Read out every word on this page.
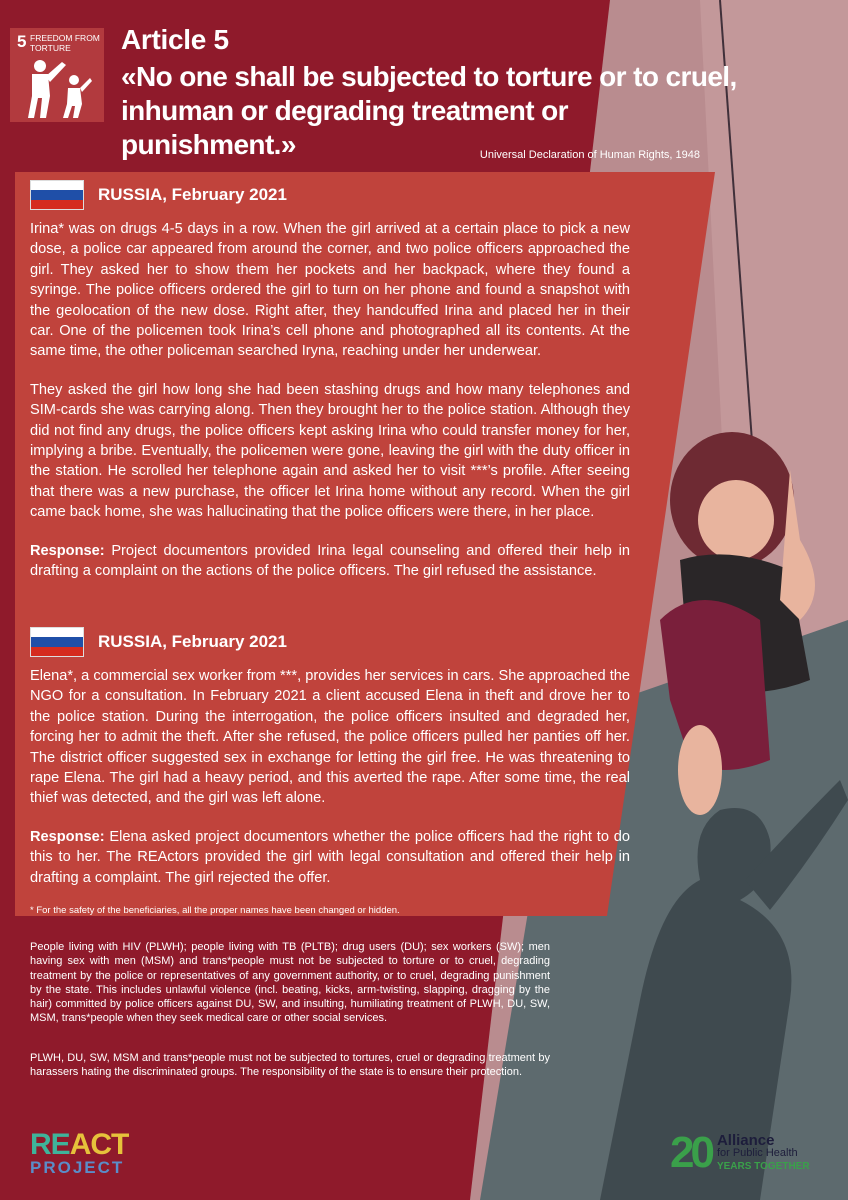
5 FREEDOM FROM TORTURE	Article 5
«No one shall be subjected to torture or to cruel, inhuman or degrading treatment or punishment.»	Universal Declaration of Human Rights, 1948
RUSSIA, February 2021

Irina* was on drugs 4-5 days in a row. When the girl arrived at a certain place to pick a new dose, a police car appeared from around the corner, and two police officers approached the girl. They asked her to show them her pockets and her backpack, where they found a syringe. The police officers ordered the girl to turn on her phone and found a snapshot with the geolocation of the new dose. Right after, they handcuffed Irina and placed her in their car. One of the policemen took Irina’s cell phone and photographed all its contents. At the same time, the other policeman searched Iryna, reaching under her underwear.

They asked the girl how long she had been stashing drugs and how many telephones and SIM-cards she was carrying along. Then they brought her to the police station. Although they did not find any drugs, the police officers kept asking Irina who could transfer money for her, implying a bribe. Eventually, the policemen were gone, leaving the girl with the duty officer in the station. He scrolled her telephone again and asked her to visit ***’s profile. After seeing that there was a new purchase, the officer let Irina home without any record. When the girl came back home, she was hallucinating that the police officers were there, in her place.

Response: Project documentors provided Irina legal counseling and offered their help in drafting a complaint on the actions of the police officers. The girl refused the assistance.

RUSSIA, February 2021

Elena*, a commercial sex worker from ***, provides her services in cars. She approached the NGO for a consultation. In February 2021 a client accused Elena in theft and drove her to the police station. During the interrogation, the police officers insulted and degraded her, forcing her to admit the theft. After she refused, the police officers pulled her panties off her. The district officer suggested sex in exchange for letting the girl free. He was threatening to rape Elena. The girl had a heavy period, and this averted the rape. After some time, the real thief was detected, and the girl was left alone.

Response: Elena asked project documentors whether the police officers had the right to do this to her. The REActors provided the girl with legal consultation and offered their help in drafting a complaint. The girl rejected the offer.

* For the safety of the beneficiaries, all the proper names have been changed or hidden.
People living with HIV (PLWH); people living with TB (PLTB); drug users (DU); sex workers (SW); men having sex with men (MSM) and trans*people must not be subjected to torture or to cruel, degrading treatment by the police or representatives of any government authority, or to cruel, degrading punishment by the state. This includes unlawful violence (incl. beating, kicks, arm-twisting, slapping, dragging by the hair) committed by police officers against DU, SW, and insulting, humiliating treatment of PLWH, DU, SW, MSM, trans*people when they seek medical care or other social services.
PLWH, DU, SW, MSM and trans*people must not be subjected to tortures, cruel or degrading treatment by harassers hating the discriminated groups. The responsibility of the state is to ensure their protection.
REACT
PROJECT	20 Alliance
for Public Health
YEARS TOGETHER
